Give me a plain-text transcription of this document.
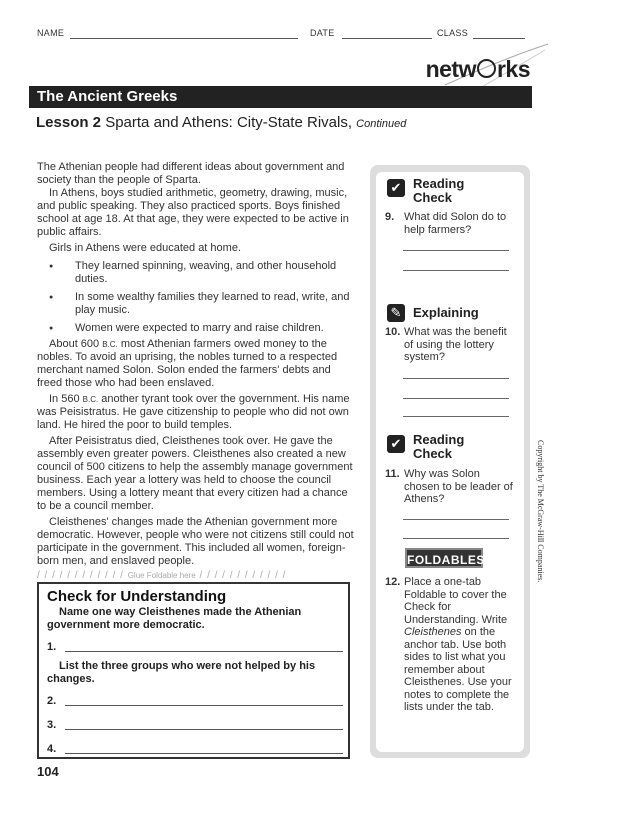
NAME	DATE	CLASS
netw rks
The Ancient Greeks
Lesson 2 Sparta and Athens: City-State Rivals, Continued

The Athenian people had different ideas about government and society than the people of Sparta.

In Athens, boys studied arithmetic, geometry, drawing, music, and public speaking. They also practiced sports. Boys finished school at age 18. At that age, they were expected to be active in public affairs.

Girls in Athens were educated at home.

● They learned spinning, weaving, and other household duties.

● In some wealthy families they learned to read, write, and play music.

● Women were expected to marry and raise children.

About 600 B.C. most Athenian farmers owed money to the nobles. To avoid an uprising, the nobles turned to a respected merchant named Solon. Solon ended the farmers' debts and freed those who had been enslaved.

In 560 B.C. another tyrant took over the government. His name was Peisistratus. He gave citizenship to people who did not own land. He hired the poor to build temples.

After Peisistratus died, Cleisthenes took over. He gave the assembly even greater powers. Cleisthenes also created a new council of 500 citizens to help the assembly manage government business. Each year a lottery was held to choose the council members. Using a lottery meant that every citizen had a chance to be a council member.

Cleisthenes' changes made the Athenian government more democratic. However, people who were not citizens still could not participate in the government. This included all women, foreign-born men, and enslaved people.

/ / / / / / / / / / / / Glue Foldable here / / / / / / / / / / / /
Check for Understanding
Name one way Cleisthenes made the Athenian government more democratic.
1.
List the three groups who were not helped by his changes.
2.
3.
4.
✔ Reading Check
9. What did Solon do to help farmers?
✎ Explaining
10. What was the benefit of using the lottery system?
✔ Reading Check
11. Why was Solon chosen to be leader of Athens?
FOLDABLES
12. Place a one-tab Foldable to cover the Check for Understanding. Write Cleisthenes on the anchor tab. Use both sides to list what you remember about Cleisthenes. Use your notes to complete the lists under the tab.
Copyright by The McGraw-Hill Companies.
104
